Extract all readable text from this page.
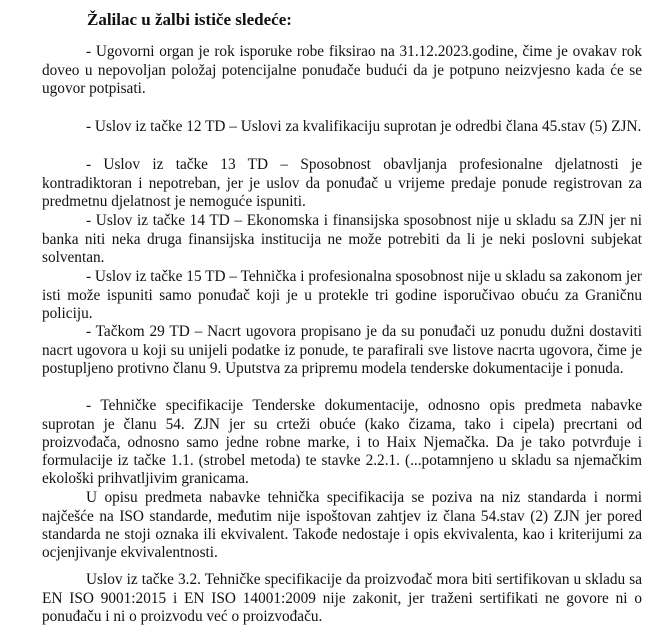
Žalilac u žalbi ističe sledeće:

- Ugovorni organ je rok isporuke robe fiksirao na 31.12.2023.godine, čime je ovakav rok doveo u nepovoljan položaj potencijalne ponuđače budući da je potpuno neizvjesno kada će se ugovor potpisati.

- Uslov iz tačke 12 TD – Uslovi za kvalifikaciju suprotan je odredbi člana 45.stav (5) ZJN.

- Uslov iz tačke 13 TD – Sposobnost obavljanja profesionalne djelatnosti je kontradiktoran i nepotreban, jer je uslov da ponuđač u vrijeme predaje ponude registrovan za predmetnu djelatnost je nemoguće ispuniti.

- Uslov iz tačke 14 TD – Ekonomska i finansijska sposobnost nije u skladu sa ZJN jer ni banka niti neka druga finansijska institucija ne može potrebiti da li je neki poslovni subjekat solventan.

- Uslov iz tačke 15 TD – Tehnička i profesionalna sposobnost nije u skladu sa zakonom jer isti može ispuniti samo ponuđač koji je u protekle tri godine isporučivao obuću za Graničnu policiju.

- Tačkom 29 TD – Nacrt ugovora propisano je da su ponuđači uz ponudu dužni dostaviti nacrt ugovora u koji su unijeli podatke iz ponude, te parafirali sve listove nacrta ugovora, čime je postupljeno protivno članu 9. Uputstva za pripremu modela tenderske dokumentacije i ponuda.

- Tehničke specifikacije Tenderske dokumentacije, odnosno opis predmeta nabavke suprotan je članu 54. ZJN jer su crteži obuće (kako čizama, tako i cipela) precrtani od proizvođača, odnosno samo jedne robne marke, i to Haix Njemačka. Da je tako potvrđuje i formulacije iz tačke 1.1. (strobel metoda) te stavke 2.2.1. (...potamnjeno u skladu sa njemačkim ekološki prihvatljivim granicama.

U opisu predmeta nabavke tehnička specifikacija se poziva na niz standarda i normi najčešće na ISO standarde, međutim nije ispoštovan zahtjev iz člana 54.stav (2) ZJN jer pored standarda ne stoji oznaka ili ekvivalent. Takođe nedostaje i opis ekvivalenta, kao i kriterijumi za ocjenjivanje ekvivalentnosti.

Uslov iz tačke 3.2. Tehničke specifikacije da proizvođač mora biti sertifikovan u skladu sa EN ISO 9001:2015 i EN ISO 14001:2009 nije zakonit, jer traženi sertifikati ne govore ni o ponuđaču i ni o proizvodu već o proizvođaču.
